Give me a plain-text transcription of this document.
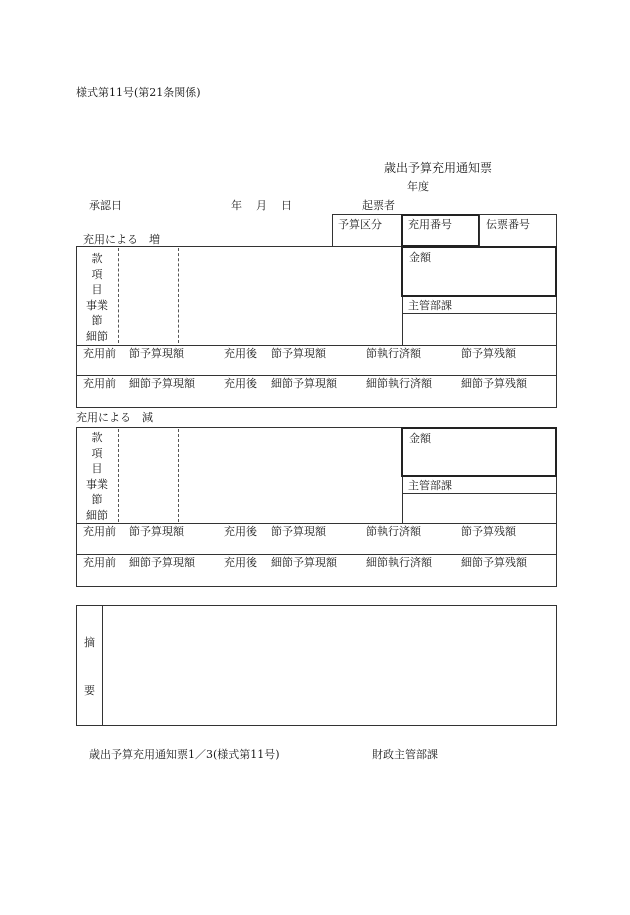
様式第11号(第21条関係)
歳出予算充用通知票
年度
承認日	年 月 日	起票者
予算区分 充用番号	伝票番号
充用による　増
款
項
目
事業
節
細節
金額
主管部課
充用前 節予算現額	充用後 節予算現額	節執行済額	節予算残額
充用前 細節予算現額	充用後 細節予算現額	細節執行済額	細節予算残額
充用による　減
款
項
目
事業
節
細節
金額
主管部課
充用前 節予算現額	充用後 節予算現額	節執行済額	節予算残額
充用前 細節予算現額	充用後 細節予算現額	細節執行済額	細節予算残額
摘
要
歳出予算充用通知票1／3(様式第11号)	財政主管部課
